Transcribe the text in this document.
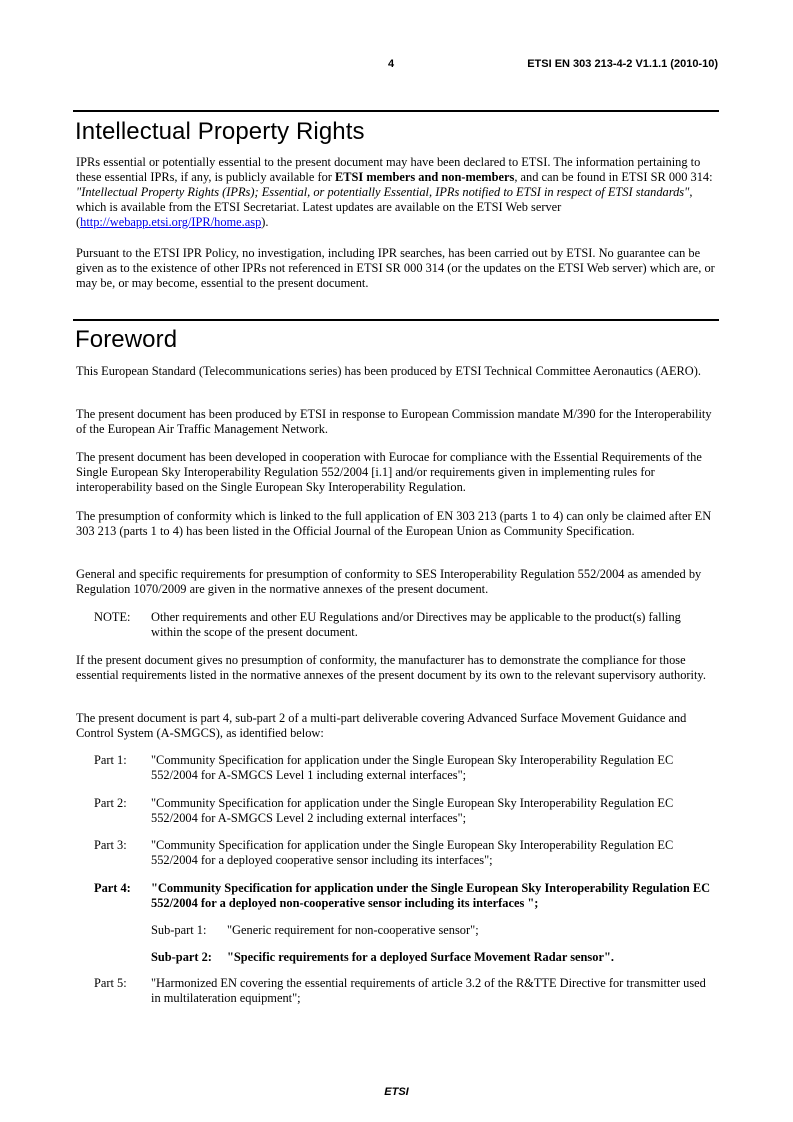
4	ETSI EN 303 213-4-2 V1.1.1 (2010-10)
Intellectual Property Rights

IPRs essential or potentially essential to the present document may have been declared to ETSI. The information pertaining to these essential IPRs, if any, is publicly available for ETSI members and non-members, and can be found in ETSI SR 000 314: "Intellectual Property Rights (IPRs); Essential, or potentially Essential, IPRs notified to ETSI in respect of ETSI standards", which is available from the ETSI Secretariat. Latest updates are available on the ETSI Web server (http://webapp.etsi.org/IPR/home.asp).

Pursuant to the ETSI IPR Policy, no investigation, including IPR searches, has been carried out by ETSI. No guarantee can be given as to the existence of other IPRs not referenced in ETSI SR 000 314 (or the updates on the ETSI Web server) which are, or may be, or may become, essential to the present document.

Foreword

This European Standard (Telecommunications series) has been produced by ETSI Technical Committee Aeronautics (AERO).

The present document has been produced by ETSI in response to European Commission mandate M/390 for the Interoperability of the European Air Traffic Management Network.

The present document has been developed in cooperation with Eurocae for compliance with the Essential Requirements of the Single European Sky Interoperability Regulation 552/2004 [i.1] and/or requirements given in implementing rules for interoperability based on the Single European Sky Interoperability Regulation.

The presumption of conformity which is linked to the full application of EN 303 213 (parts 1 to 4) can only be claimed after EN 303 213 (parts 1 to 4) has been listed in the Official Journal of the European Union as Community Specification.

General and specific requirements for presumption of conformity to SES Interoperability Regulation 552/2004 as amended by Regulation 1070/2009 are given in the normative annexes of the present document.

NOTE: Other requirements and other EU Regulations and/or Directives may be applicable to the product(s) falling within the scope of the present document.

If the present document gives no presumption of conformity, the manufacturer has to demonstrate the compliance for those essential requirements listed in the normative annexes of the present document by its own to the relevant supervisory authority.

The present document is part 4, sub-part 2 of a multi-part deliverable covering Advanced Surface Movement Guidance and Control System (A-SMGCS), as identified below:

Part 1: "Community Specification for application under the Single European Sky Interoperability Regulation EC 552/2004 for A-SMGCS Level 1 including external interfaces";
Part 2: "Community Specification for application under the Single European Sky Interoperability Regulation EC 552/2004 for A-SMGCS Level 2 including external interfaces";
Part 3: "Community Specification for application under the Single European Sky Interoperability Regulation EC 552/2004 for a deployed cooperative sensor including its interfaces";
Part 4: "Community Specification for application under the Single European Sky Interoperability Regulation EC 552/2004 for a deployed non-cooperative sensor including its interfaces ";
Sub-part 1: "Generic requirement for non-cooperative sensor";
Sub-part 2: "Specific requirements for a deployed Surface Movement Radar sensor".
Part 5: "Harmonized EN covering the essential requirements of article 3.2 of the R&TTE Directive for transmitter used in multilateration equipment";
ETSI
